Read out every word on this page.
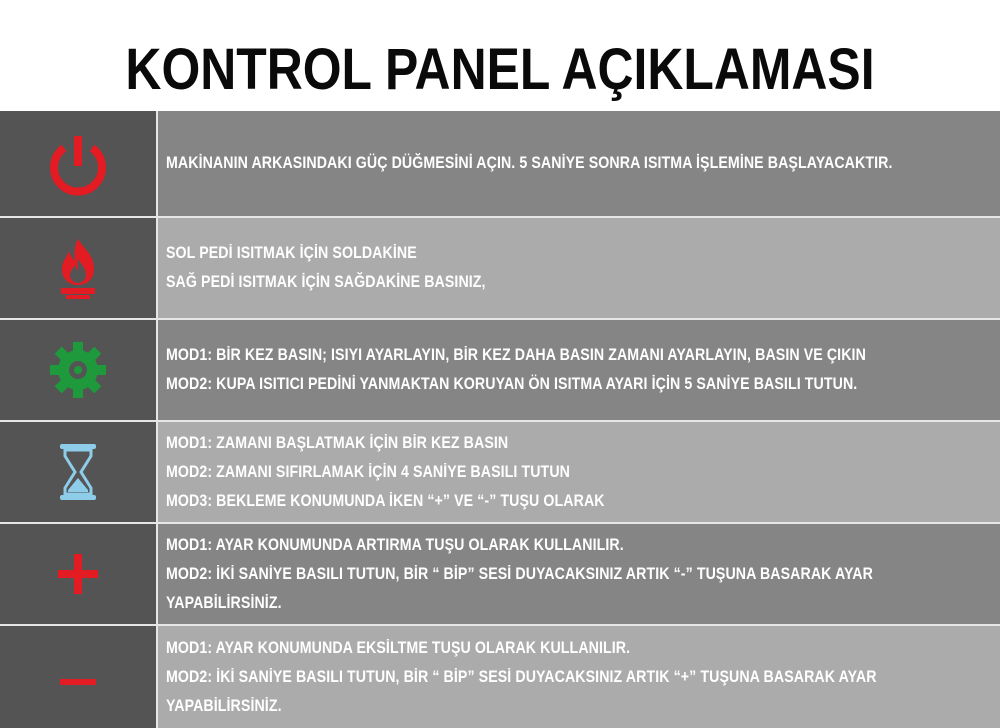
KONTROL PANEL AÇIKLAMASI
MAKİNANIN ARKASINDAKI GÜÇ DÜĞMESİNİ AÇIN. 5 SANİYE SONRA ISITMA İŞLEMİNE BAŞLAYACAKTIR.
SOL PEDİ ISITMAK İÇİN SOLDAKİNE
SAĞ PEDİ ISITMAK İÇİN SAĞDAKİNE BASINIZ,
MOD1: BİR KEZ BASIN; ISIYI AYARLAYIN, BİR KEZ DAHA BASIN ZAMANI AYARLAYIN, BASIN VE ÇIKIN
MOD2: KUPA ISITICI PEDİNİ YANMAKTAN KORUYAN ÖN ISITMA AYARI İÇİN 5 SANİYE BASILI TUTUN.
MOD1: ZAMANI BAŞLATMAK İÇİN BİR KEZ BASIN
MOD2: ZAMANI SIFIRLAMAK İÇİN 4 SANİYE BASILI TUTUN
MOD3: BEKLEME KONUMUNDA İKEN “+” VE “-” TUŞU OLARAK
MOD1: AYAR KONUMUNDA ARTIRMA TUŞU OLARAK KULLANILIR.
MOD2: İKİ SANİYE BASILI TUTUN, BİR “ BİP” SESİ DUYACAKSINIZ ARTIK “-” TUŞUNA BASARAK AYAR
YAPABİLİRSİNİZ.
MOD1: AYAR KONUMUNDA EKSİLTME TUŞU OLARAK KULLANILIR.
MOD2: İKİ SANİYE BASILI TUTUN, BİR “ BİP” SESİ DUYACAKSINIZ ARTIK “+” TUŞUNA BASARAK AYAR
YAPABİLİRSİNİZ.
